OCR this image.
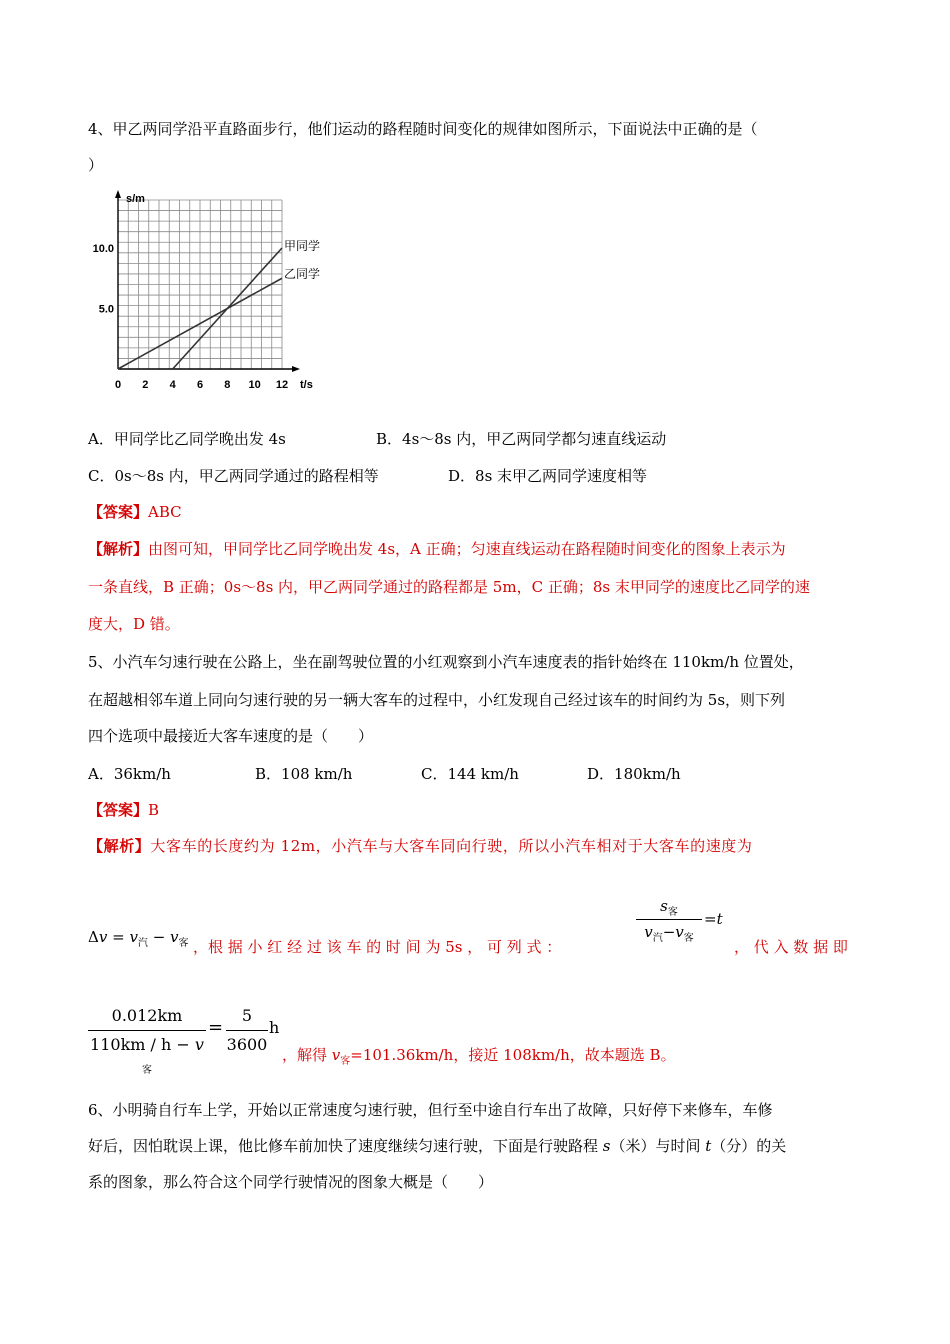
4、甲乙两同学沿平直路面步行，他们运动的路程随时间变化的规律如图所示，下面说法中正确的是（
）
s/m
t/s
0 2 4 6 8 10 12
5.0
10.0	甲同学
乙同学
A．甲同学比乙同学晚出发 4s	B．4s～8s 内，甲乙两同学都匀速直线运动
C．0s～8s 内，甲乙两同学通过的路程相等	D．8s 末甲乙两同学速度相等
【答案】ABC
【解析】由图可知，甲同学比乙同学晚出发 4s，A 正确；匀速直线运动在路程随时间变化的图象上表示为
一条直线，B 正确；0s～8s 内，甲乙两同学通过的路程都是 5m，C 正确；8s 末甲同学的速度比乙同学的速
度大，D 错。
5、小汽车匀速行驶在公路上，坐在副驾驶位置的小红观察到小汽车速度表的指针始终在 110km/h 位置处，
在超越相邻车道上同向匀速行驶的另一辆大客车的过程中，小红发现自己经过该车的时间约为 5s，则下列
四个选项中最接近大客车速度的是（　　）
A．36km/h	B．108 km/h	C．144 km/h	D．180km/h
【答案】B
【解析】大客车的长度约为 12m，小汽车与大客车同向行驶，所以小汽车相对于大客车的速度为
$\Delta v = v_汽 - v_客$ ，根 据 小 红 经 过 该 车 的 时 间 为 5s ， 可 列 式 ：
$s_客$
$v_汽-v_客$
=t
， 代 入 数 据 即
0.012km
$110km / h - v_客$
= $\frac{5}{3600}$ h
，解得 $v_客=101.36km/h$，接近 108km/h，故本题选 B。
6、小明骑自行车上学，开始以正常速度匀速行驶，但行至中途自行车出了故障，只好停下来修车，车修
好后，因怕耽误上课，他比修车前加快了速度继续匀速行驶，下面是行驶路程 s（米）与时间 t（分）的关
系的图象，那么符合这个同学行驶情况的图象大概是（　　）
